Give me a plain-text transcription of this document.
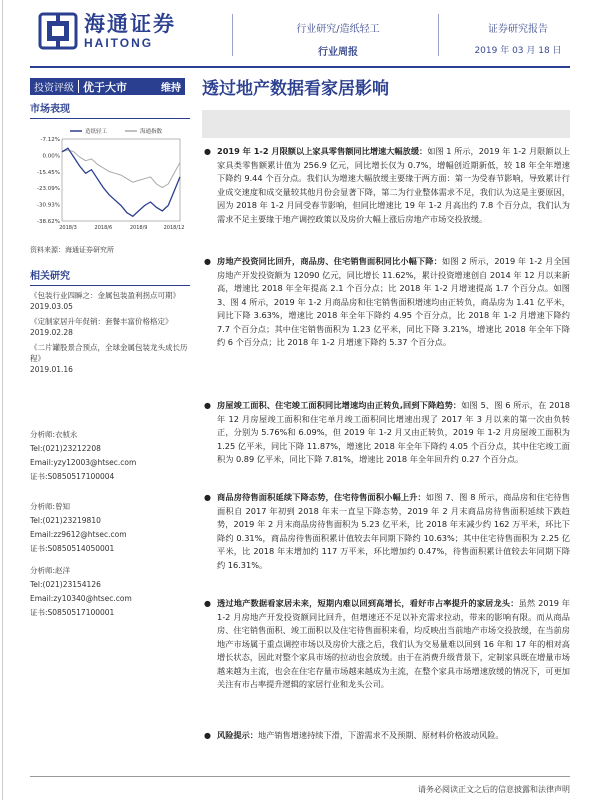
海通证券
HAITONG
行业研究/造纸轻工
行业周报
证券研究报告
2019 年 03 月 18 日
投资评级 优于大市	维持 透过地产数据看家居影响
市场表现
造纸轻工	海通指数
-7.12%
0.00%
-15.45%
-23.09%
-30.93%
-38.62%
2018/3	2018/6	2018/9	2018/12
资料来源：海通证券研究所
相关研究
《包装行业四瞬之：金属包装盈利拐点可期》
2019.03.05
《定制家居升年促销：套餐丰富价格格定》
2019.02.28
《二片罐股景合预点，全球金属包装龙头成长历程》
2019.01.16
分析师:衣桢永
Tel:(021)23212208
Email:yzy12003@htsec.com
证书:S0850517100004
分析师:曾知
Tel:(021)23219810
Email:zz9612@htsec.com
证书:S0850514050001
分析师:赵洋
Tel:(021)23154126
Email:zy10340@htsec.com
证书:S0850517100001
● 2019 年 1-2 月限额以上家具零售额同比增速大幅放缓：如图 1 所示，2019 年 1-2 月限额以上家具类零售额累计值为 256.9 亿元，同比增长仅为 0.7%，增幅创近期新低，较 18 年全年增速下降约 9.44 个百分点。我们认为增速大幅放缓主要缘于两方面：第一为受春节影响，导致累计行业成交速度和成交量较其他月份会显著下降，第二为行业整体需求不足，我们认为这是主要原因，因为 2018 年 1-2 月同受春节影响，但同比增速比 19 年 1-2 月高出约 7.8 个百分点，我们认为需求不足主要缘于地产调控政策以及房价大幅上涨后房地产市场交投放缓。
● 房地产投资同比回升，商品房、住宅销售面积同比小幅下降：如图 2 所示，2019 年 1-2 月全国房地产开发投资额为 12090 亿元，同比增长 11.62%，累计投资增速创自 2014 年 12 月以来新高，增速比 2018 年全年提高 2.1 个百分点；比 2018 年 1-2 月增速提高 1.7 个百分点。如图 3、图 4 所示，2019 年 1-2 月商品房和住宅销售面积增速均由正转负，商品房为 1.41 亿平米，同比下降 3.63%，增速比 2018 年全年下降约 4.95 个百分点，比 2018 年 1-2 月增速下降约 7.7 个百分点；其中住宅销售面积为 1.23 亿平米，同比下降 3.21%，增速比 2018 年全年下降约 6 个百分点；比 2018 年 1-2 月增速下降约 5.37 个百分点。
● 房屋竣工面积、住宅竣工面积同比增速均由正转负,回到下降趋势：如图 5、图 6 所示，在 2018 年 12 月房屋竣工面积和住宅单月竣工面积同比增速出现了 2017 年 3 月以来的第一次由负转正，分别为 5.76%和 6.09%，但 2019 年 1-2 月又由正转负，2019 年 1-2 月房屋竣工面积为 1.25 亿平米，同比下降 11.87%，增速比 2018 年全年下降约 4.05 个百分点，其中住宅竣工面积为 0.89 亿平米，同比下降 7.81%，增速比 2018 年全年回升约 0.27 个百分点。
● 商品房待售面积延续下降态势，住宅待售面积小幅上升：如图 7、图 8 所示，商品房和住宅待售面积自 2017 年初到 2018 年末一直呈下降态势，2019 年 2 月末商品房待售面积延续下跌趋势，2019 年 2 月末商品房待售面积为 5.23 亿平米，比 2018 年末减少约 162 万平米，环比下降约 0.31%，商品房待售面积累计值较去年同期下降约 10.63%；其中住宅待售面积为 2.25 亿平米，比 2018 年末增加约 117 万平米，环比增加约 0.47%，待售面积累计值较去年同期下降约 16.31%。
● 透过地产数据看家居未来，短期内难以回到高增长，看好市占率提升的家居龙头：虽然 2019 年 1-2 月房地产开发投资额同比回升，但增速还不足以补充需求拉动，带来的影响有限。而从商品房、住宅销售面积、竣工面积以及住宅待售面积来看，均反映出当前地产市场交投放缓，在当前房地产市场属于重点调控市场以及房价大涨之后，我们认为交易量难以回到 16 年和 17 年的相对高增长状态，因此对整个家具市场的拉动也会放缓。由于在消费升级背景下，定制家具既在增量市场越来越为主流，也会在住宅存量市场越来越成为主流，在整个家具市场增速放缓的情况下，可更加关注有市占率提升逻辑的家居行业和龙头公司。
● 风险提示：地产销售增速持续下滑，下游需求不及预期、原材料价格波动风险。
请务必阅读正文之后的信息披露和法律声明
